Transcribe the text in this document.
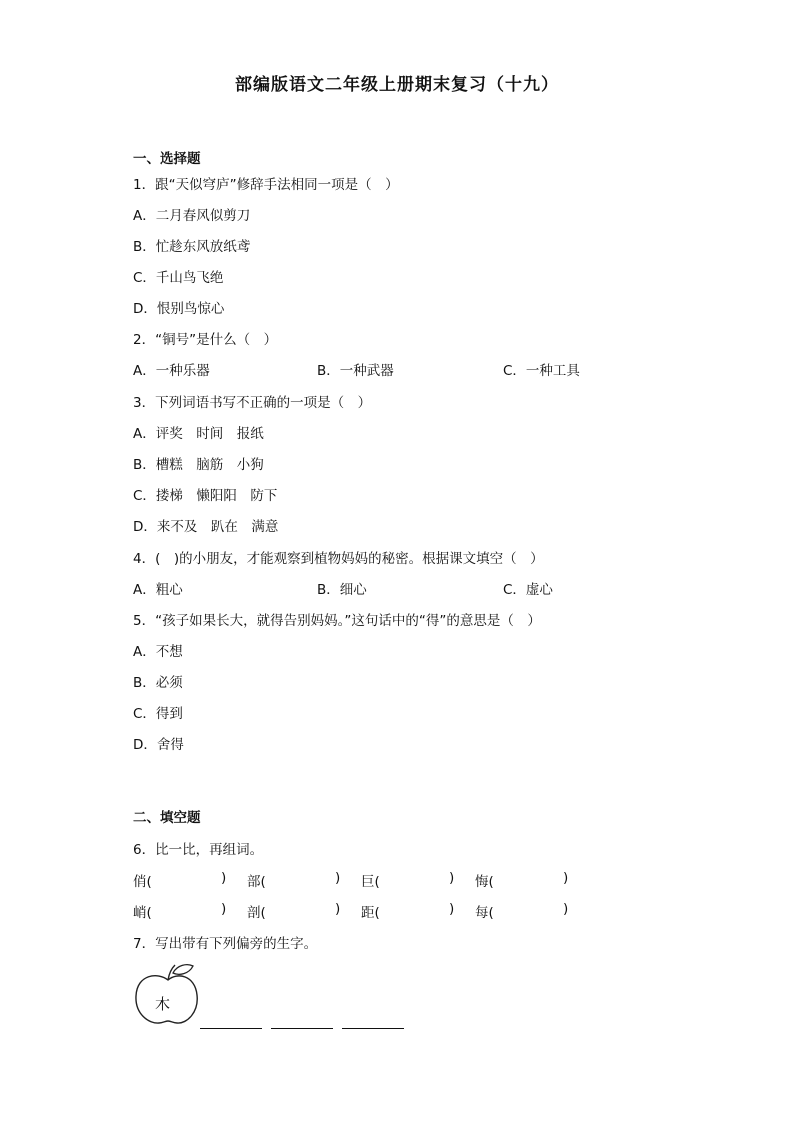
部编版语文二年级上册期末复习（十九）
一、选择题
1．跟“天似穹庐”修辞手法相同一项是（　）
A．二月春风似剪刀
B．忙趁东风放纸鸢
C．千山鸟飞绝
D．恨别鸟惊心
2．“铜号”是什么（　）
A．一种乐器	B．一种武器	C．一种工具
3．下列词语书写不正确的一项是（　）
A．评奖　时间　报纸
B．槽糕　脑筋　小狗
C．搂梯　懒阳阳　防下
D．来不及　趴在　满意
4．(　)的小朋友，才能观察到植物妈妈的秘密。根据课文填空（　）
A．粗心	B．细心	C．虚心
5．“孩子如果长大，就得告别妈妈。”这句话中的“得”的意思是（　）
A．不想
B．必须
C．得到
D．舍得
二、填空题
6．比一比，再组词。
俏(	) 部(	) 巨(	) 悔(	)
峭(	) 剖(	) 距(	) 每(	)
7．写出带有下列偏旁的生字。
木
